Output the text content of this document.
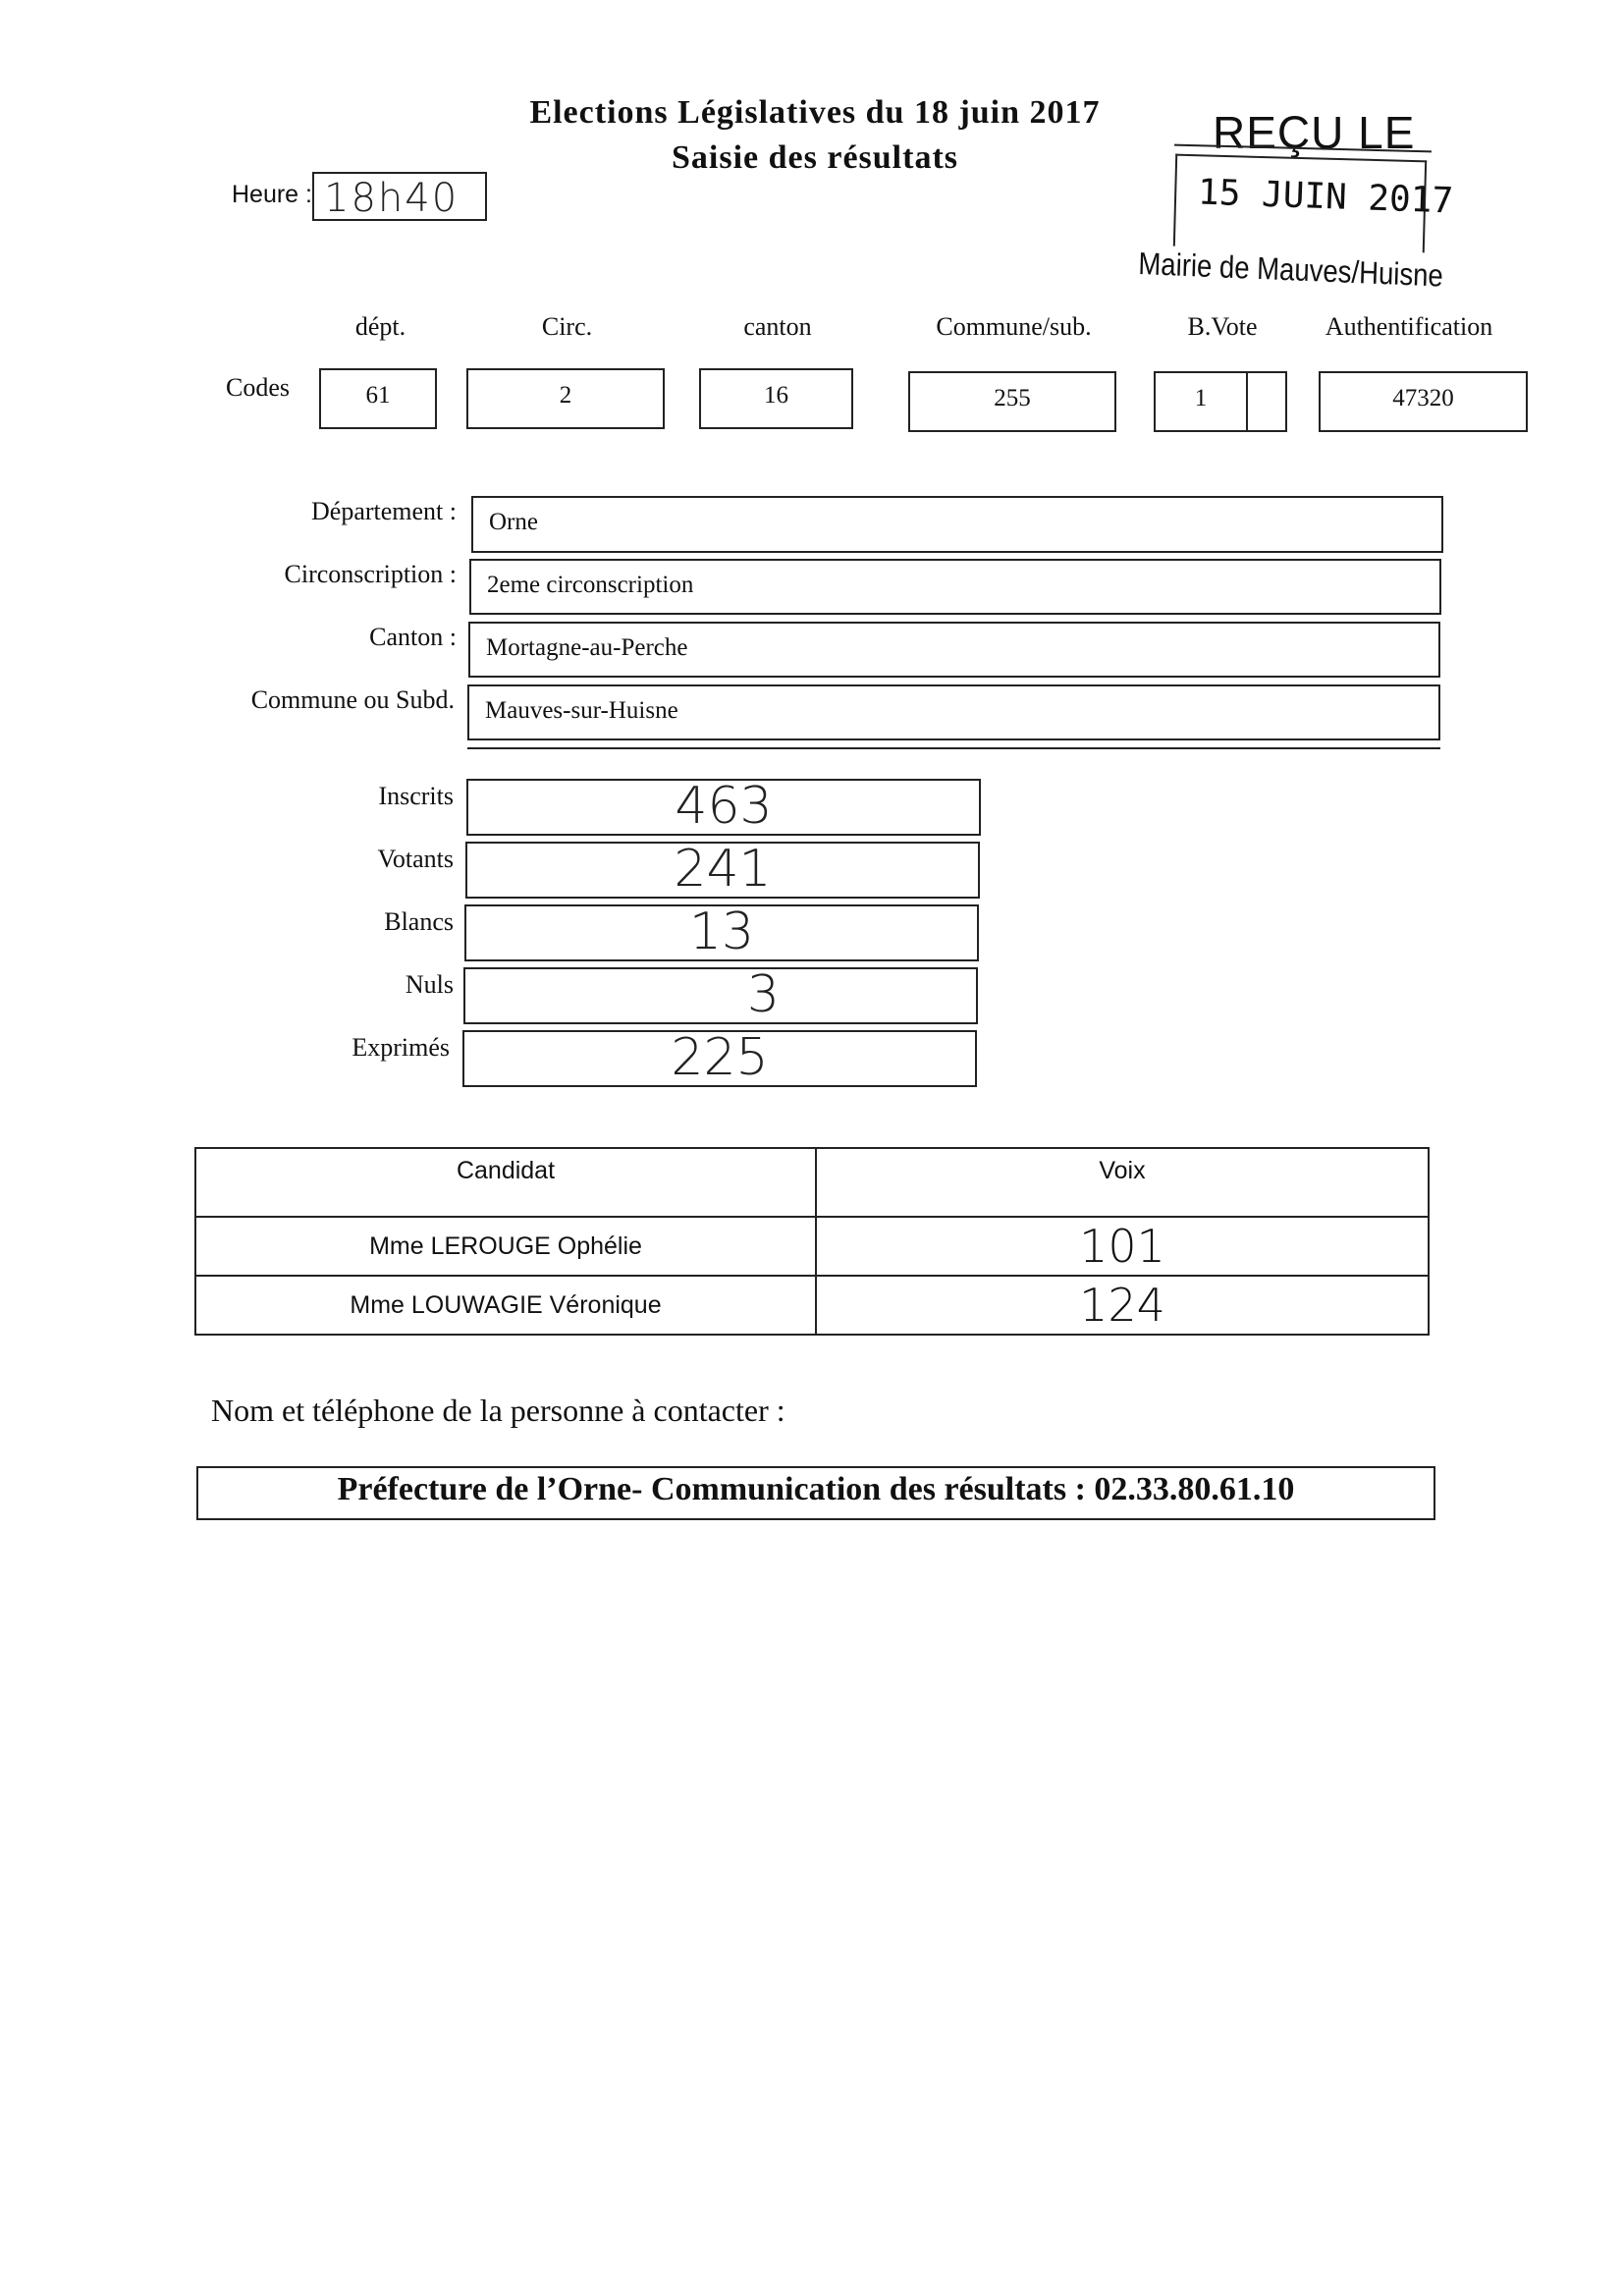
Elections Législatives du 18 juin 2017
Saisie des résultats
Heure : 18h40
REÇU LE
15 JUIN 2017
Mairie de Mauves/Huisne
dépt.	Circ.	canton	Commune/sub.	B.Vote	Authentification
Codes	61	2	16	255	1	47320
Département :	Orne
Circonscription :	2eme circonscription
Canton :	Mortagne-au-Perche
Commune ou Subd.	Mauves-sur-Huisne
Inscrits	463
Votants	241
Blancs	13
Nuls	3
Exprimés	225
Candidat	Voix
Mme LEROUGE Ophélie	101
Mme LOUWAGIE Véronique	124
Nom et téléphone de la personne à contacter :
Préfecture de l’Orne- Communication des résultats : 02.33.80.61.10
